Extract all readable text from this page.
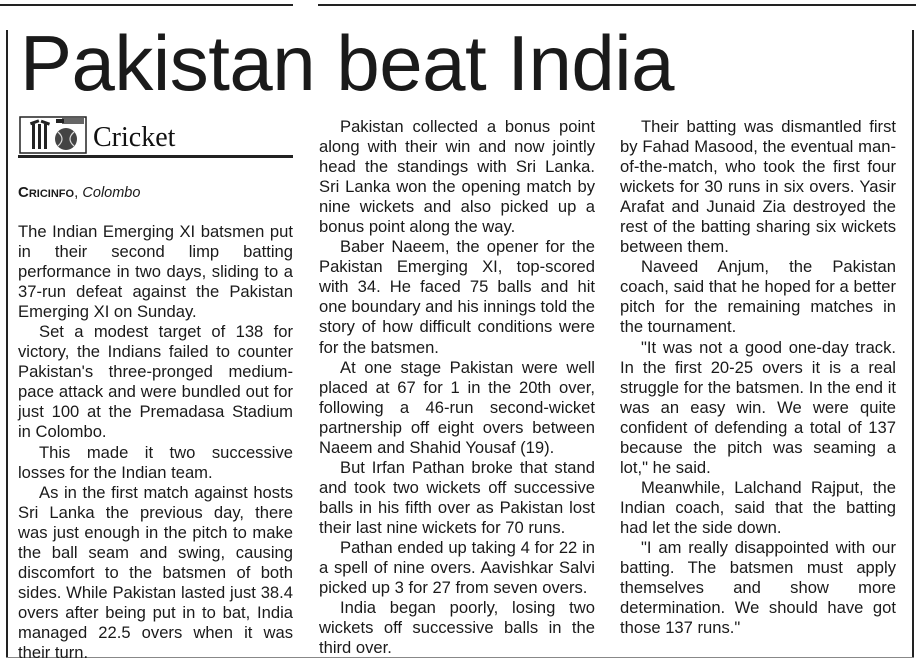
Pakistan beat India
Cricket
Cricinfo, Colombo

The Indian Emerging XI batsmen put in their second limp batting performance in two days, sliding to a 37-run defeat against the Pakistan Emerging XI on Sunday.

Set a modest target of 138 for victory, the Indians failed to counter Pakistan's three-pronged medium-pace attack and were bundled out for just 100 at the Premadasa Stadium in Colombo.

This made it two successive losses for the Indian team.

As in the first match against hosts Sri Lanka the previous day, there was just enough in the pitch to make the ball seam and swing, causing discomfort to the batsmen of both sides. While Pakistan lasted just 38.4 overs after being put in to bat, India managed 22.5 overs when it was their turn.

Pakistan collected a bonus point along with their win and now jointly head the standings with Sri Lanka. Sri Lanka won the opening match by nine wickets and also picked up a bonus point along the way.

Baber Naeem, the opener for the Pakistan Emerging XI, top-scored with 34. He faced 75 balls and hit one boundary and his innings told the story of how difficult conditions were for the batsmen.

At one stage Pakistan were well placed at 67 for 1 in the 20th over, following a 46-run second-wicket partnership off eight overs between Naeem and Shahid Yousaf (19).

But Irfan Pathan broke that stand and took two wickets off successive balls in his fifth over as Pakistan lost their last nine wickets for 70 runs.

Pathan ended up taking 4 for 22 in a spell of nine overs. Aavishkar Salvi picked up 3 for 27 from seven overs.

India began poorly, losing two wickets off successive balls in the third over.

Their batting was dismantled first by Fahad Masood, the eventual man-of-the-match, who took the first four wickets for 30 runs in six overs. Yasir Arafat and Junaid Zia destroyed the rest of the batting sharing six wickets between them.

Naveed Anjum, the Pakistan coach, said that he hoped for a better pitch for the remaining matches in the tournament.

"It was not a good one-day track. In the first 20-25 overs it is a real struggle for the batsmen. In the end it was an easy win. We were quite confident of defending a total of 137 because the pitch was seaming a lot," he said.

Meanwhile, Lalchand Rajput, the Indian coach, said that the batting had let the side down.

"I am really disappointed with our batting. The batsmen must apply themselves and show more determination. We should have got those 137 runs."
